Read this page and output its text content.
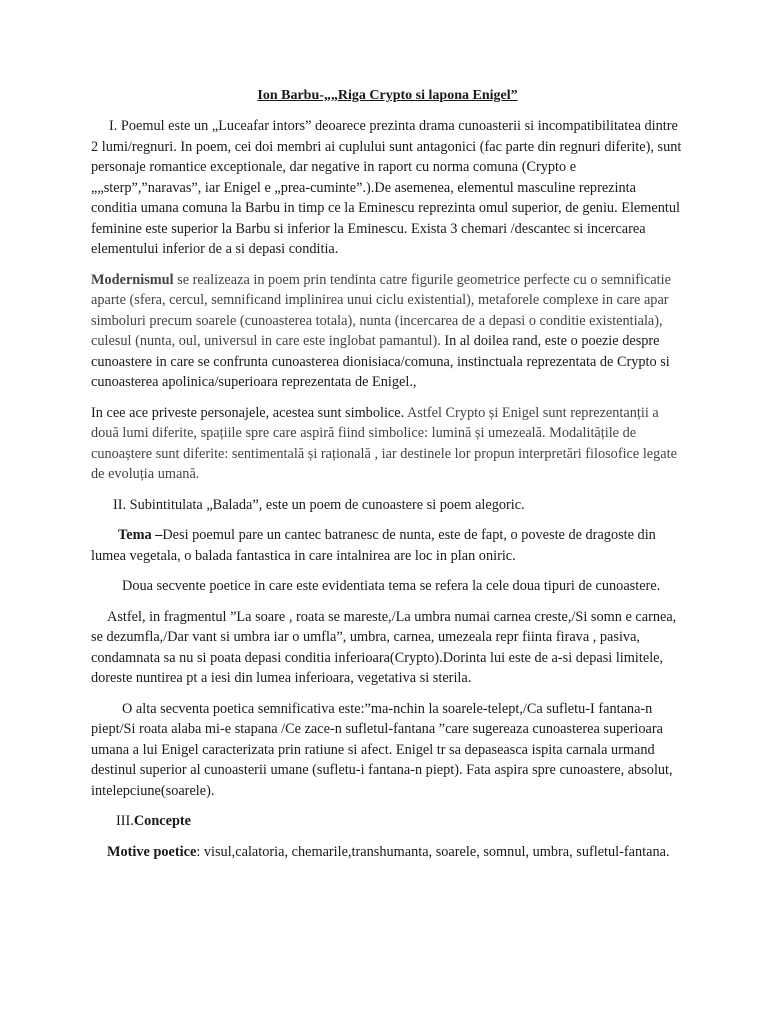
Ion Barbu-„„Riga Crypto si lapona Enigel”

I. Poemul este un „Luceafar intors” deoarece prezinta drama cunoasterii si incompatibilitatea dintre 2 lumi/regnuri. In poem, cei doi membri ai cuplului sunt antagonici (fac parte din regnuri diferite), sunt personaje romantice exceptionale, dar negative in raport cu norma comuna (Crypto e „„sterp”,”naravas”, iar Enigel e „prea-cuminte”.).De asemenea, elementul masculine reprezinta conditia umana comuna la Barbu in timp ce la Eminescu reprezinta omul superior, de geniu. Elementul feminine este superior la Barbu si inferior la Eminescu. Exista 3 chemari /descantec si incercarea elementului inferior de a si depasi conditia.

Modernismul se realizeaza in poem prin tendinta catre figurile geometrice perfecte cu o semnificatie aparte (sfera, cercul, semnificand implinirea unui ciclu existential), metaforele complexe in care apar simboluri precum soarele (cunoasterea totala), nunta (incercarea de a depasi o conditie existentiala), culesul (nunta, oul, universul in care este inglobat pamantul). In al doilea rand, este o poezie despre cunoastere in care se confrunta cunoasterea dionisiaca/comuna, instinctuala reprezentata de Crypto si cunoasterea apolinica/superioara reprezentata de Enigel.,

In cee ace priveste personajele, acestea sunt simbolice. Astfel Crypto și Enigel sunt reprezentanții a două lumi diferite, spațiile spre care aspiră fiind simbolice: lumină și umezeală. Modalitățile de cunoaștere sunt diferite: sentimentală și rațională , iar destinele lor propun interpretări filosofice legate de evoluția umană.

II. Subintitulata „Balada”, este un poem de cunoastere si poem alegoric.

Tema –Desi poemul pare un cantec batranesc de nunta, este de fapt, o poveste de dragoste din lumea vegetala, o balada fantastica in care intalnirea are loc in plan oniric.

Doua secvente poetice in care este evidentiata tema se refera la cele doua tipuri de cunoastere.

Astfel, in fragmentul ”La soare , roata se mareste,/La umbra numai carnea creste,/Si somn e carnea, se dezumfla,/Dar vant si umbra iar o umfla”, umbra, carnea, umezeala repr fiinta firava , pasiva, condamnata sa nu si poata depasi conditia inferioara(Crypto).Dorinta lui este de a-si depasi limitele, doreste nuntirea pt a iesi din lumea inferioara, vegetativa si sterila.

O alta secventa poetica semnificativa este:”ma-nchin la soarele-telept,/Ca sufletu-I fantana-n piept/Si roata alaba mi-e stapana /Ce zace-n sufletul-fantana ”care sugereaza cunoasterea superioara umana a lui Enigel caracterizata prin ratiune si afect. Enigel tr sa depaseasca ispita carnala urmand destinul superior al cunoasterii umane (sufletu-i fantana-n piept). Fata aspira spre cunoastere, absolut, intelepciune(soarele).

III.Concepte

Motive poetice: visul,calatoria, chemarile,transhumanta, soarele, somnul, umbra, sufletul-fantana.
